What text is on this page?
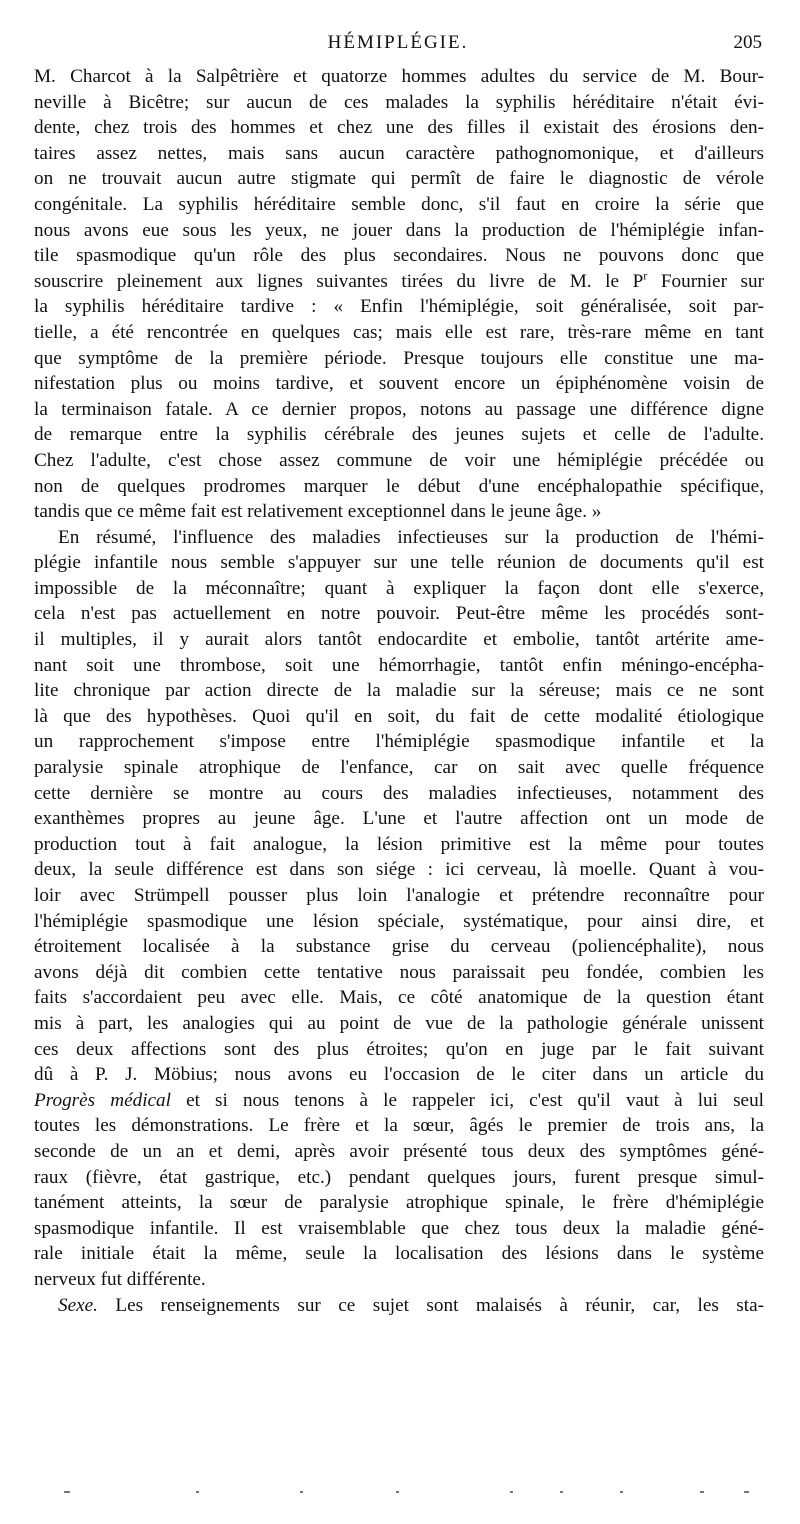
HÉMIPLÉGIE.	205
M. Charcot à la Salpêtrière et quatorze hommes adultes du service de M. Bour-
neville à Bicêtre; sur aucun de ces malades la syphilis héréditaire n'était évi-
dente, chez trois des hommes et chez une des filles il existait des érosions den-
taires assez nettes, mais sans aucun caractère pathognomonique, et d'ailleurs
on ne trouvait aucun autre stigmate qui permît de faire le diagnostic de vérole
congénitale. La syphilis héréditaire semble donc, s'il faut en croire la série que
nous avons eue sous les yeux, ne jouer dans la production de l'hémiplégie infan-
tile spasmodique qu'un rôle des plus secondaires. Nous ne pouvons donc que
souscrire pleinement aux lignes suivantes tirées du livre de M. le $P^r$ Fournier sur
la syphilis héréditaire tardive : « Enfin l'hémiplégie, soit généralisée, soit par-
tielle, a été rencontrée en quelques cas; mais elle est rare, très-rare même en tant
que symptôme de la première période. Presque toujours elle constitue une ma-
nifestation plus ou moins tardive, et souvent encore un épiphénomène voisin de
la terminaison fatale. A ce dernier propos, notons au passage une différence digne
de remarque entre la syphilis cérébrale des jeunes sujets et celle de l'adulte.
Chez l'adulte, c'est chose assez commune de voir une hémiplégie précédée ou
non de quelques prodromes marquer le début d'une encéphalopathie spécifique,
tandis que ce même fait est relativement exceptionnel dans le jeune âge. »
En résumé, l'influence des maladies infectieuses sur la production de l'hémi-
plégie infantile nous semble s'appuyer sur une telle réunion de documents qu'il est
impossible de la méconnaître; quant à expliquer la façon dont elle s'exerce,
cela n'est pas actuellement en notre pouvoir. Peut-être même les procédés sont-
il multiples, il y aurait alors tantôt endocardite et embolie, tantôt artérite ame-
nant soit une thrombose, soit une hémorrhagie, tantôt enfin méningo-encépha-
lite chronique par action directe de la maladie sur la séreuse; mais ce ne sont
là que des hypothèses. Quoi qu'il en soit, du fait de cette modalité étiologique
un rapprochement s'impose entre l'hémiplégie spasmodique infantile et la
paralysie spinale atrophique de l'enfance, car on sait avec quelle fréquence
cette dernière se montre au cours des maladies infectieuses, notamment des
exanthèmes propres au jeune âge. L'une et l'autre affection ont un mode de
production tout à fait analogue, la lésion primitive est la même pour toutes
deux, la seule différence est dans son siége : ici cerveau, là moelle. Quant à vou-
loir avec Strümpell pousser plus loin l'analogie et prétendre reconnaître pour
l'hémiplégie spasmodique une lésion spéciale, systématique, pour ainsi dire, et
étroitement localisée à la substance grise du cerveau (poliencéphalite), nous
avons déjà dit combien cette tentative nous paraissait peu fondée, combien les
faits s'accordaient peu avec elle. Mais, ce côté anatomique de la question étant
mis à part, les analogies qui au point de vue de la pathologie générale unissent
ces deux affections sont des plus étroites; qu'on en juge par le fait suivant
dû à P. J. Möbius; nous avons eu l'occasion de le citer dans un article du
Progrès médical et si nous tenons à le rappeler ici, c'est qu'il vaut à lui seul
toutes les démonstrations. Le frère et la sœur, âgés le premier de trois ans, la
seconde de un an et demi, après avoir présenté tous deux des symptômes géné-
raux (fièvre, état gastrique, etc.) pendant quelques jours, furent presque simul-
tanément atteints, la sœur de paralysie atrophique spinale, le frère d'hémiplégie
spasmodique infantile. Il est vraisemblable que chez tous deux la maladie géné-
rale initiale était la même, seule la localisation des lésions dans le système
nerveux fut différente.
Sexe. Les renseignements sur ce sujet sont malaisés à réunir, car, les sta-
